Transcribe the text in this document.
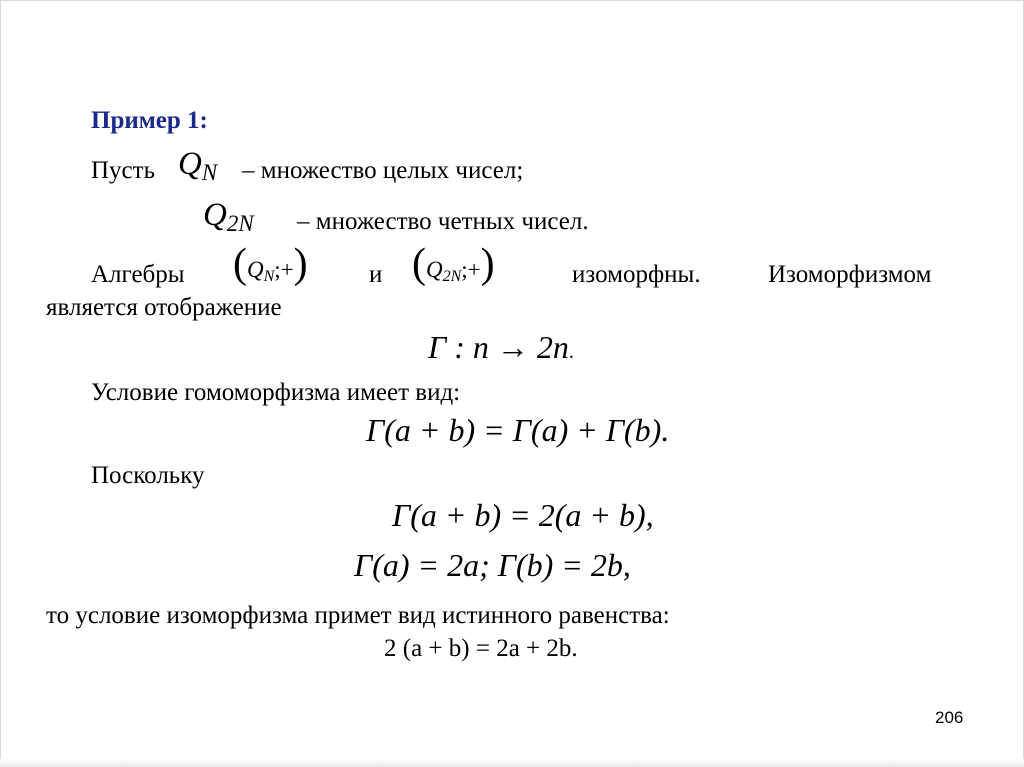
Пример 1:
Пусть $Q_N$ – множество целых чисел;
$Q_{2N}$ – множество четных чисел.
Алгебры $(Q_N;+)$ и $(Q_{2N};+)$	изоморфны.	Изоморфизмом
является отображение
Γ : n → 2n.
Условие гомоморфизма имеет вид:
Γ(a + b) = Γ(a) + Γ(b).
Поскольку
Γ(a + b) = 2(a + b),
Γ(a) = 2a; Γ(b) = 2b,
то условие изоморфизма примет вид истинного равенства:
2 (a + b) = 2a + 2b.
206
